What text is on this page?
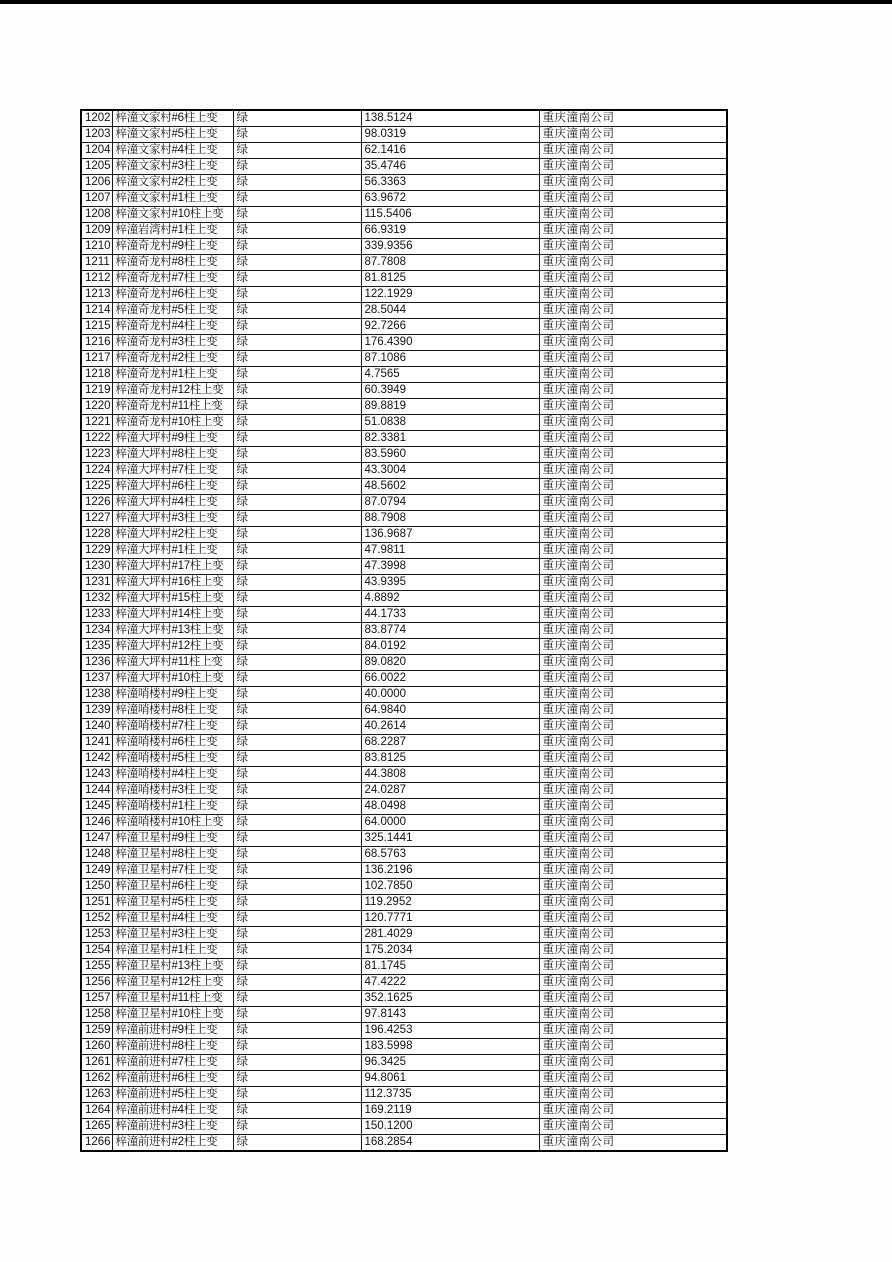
1202	梓潼文家村#6柱上变	绿	138.5124	重庆潼南公司
1203	梓潼文家村#5柱上变	绿	98.0319	重庆潼南公司
1204	梓潼文家村#4柱上变	绿	62.1416	重庆潼南公司
1205	梓潼文家村#3柱上变	绿	35.4746	重庆潼南公司
1206	梓潼文家村#2柱上变	绿	56.3363	重庆潼南公司
1207	梓潼文家村#1柱上变	绿	63.9672	重庆潼南公司
1208	梓潼文家村#10柱上变	绿	115.5406	重庆潼南公司
1209	梓潼岩湾村#1柱上变	绿	66.9319	重庆潼南公司
1210	梓潼奇龙村#9柱上变	绿	339.9356	重庆潼南公司
1211	梓潼奇龙村#8柱上变	绿	87.7808	重庆潼南公司
1212	梓潼奇龙村#7柱上变	绿	81.8125	重庆潼南公司
1213	梓潼奇龙村#6柱上变	绿	122.1929	重庆潼南公司
1214	梓潼奇龙村#5柱上变	绿	28.5044	重庆潼南公司
1215	梓潼奇龙村#4柱上变	绿	92.7266	重庆潼南公司
1216	梓潼奇龙村#3柱上变	绿	176.4390	重庆潼南公司
1217	梓潼奇龙村#2柱上变	绿	87.1086	重庆潼南公司
1218	梓潼奇龙村#1柱上变	绿	4.7565	重庆潼南公司
1219	梓潼奇龙村#12柱上变	绿	60.3949	重庆潼南公司
1220	梓潼奇龙村#11柱上变	绿	89.8819	重庆潼南公司
1221	梓潼奇龙村#10柱上变	绿	51.0838	重庆潼南公司
1222	梓潼大坪村#9柱上变	绿	82.3381	重庆潼南公司
1223	梓潼大坪村#8柱上变	绿	83.5960	重庆潼南公司
1224	梓潼大坪村#7柱上变	绿	43.3004	重庆潼南公司
1225	梓潼大坪村#6柱上变	绿	48.5602	重庆潼南公司
1226	梓潼大坪村#4柱上变	绿	87.0794	重庆潼南公司
1227	梓潼大坪村#3柱上变	绿	88.7908	重庆潼南公司
1228	梓潼大坪村#2柱上变	绿	136.9687	重庆潼南公司
1229	梓潼大坪村#1柱上变	绿	47.9811	重庆潼南公司
1230	梓潼大坪村#17柱上变	绿	47.3998	重庆潼南公司
1231	梓潼大坪村#16柱上变	绿	43.9395	重庆潼南公司
1232	梓潼大坪村#15柱上变	绿	4.8892	重庆潼南公司
1233	梓潼大坪村#14柱上变	绿	44.1733	重庆潼南公司
1234	梓潼大坪村#13柱上变	绿	83.8774	重庆潼南公司
1235	梓潼大坪村#12柱上变	绿	84.0192	重庆潼南公司
1236	梓潼大坪村#11柱上变	绿	89.0820	重庆潼南公司
1237	梓潼大坪村#10柱上变	绿	66.0022	重庆潼南公司
1238	梓潼哨楼村#9柱上变	绿	40.0000	重庆潼南公司
1239	梓潼哨楼村#8柱上变	绿	64.9840	重庆潼南公司
1240	梓潼哨楼村#7柱上变	绿	40.2614	重庆潼南公司
1241	梓潼哨楼村#6柱上变	绿	68.2287	重庆潼南公司
1242	梓潼哨楼村#5柱上变	绿	83.8125	重庆潼南公司
1243	梓潼哨楼村#4柱上变	绿	44.3808	重庆潼南公司
1244	梓潼哨楼村#3柱上变	绿	24.0287	重庆潼南公司
1245	梓潼哨楼村#1柱上变	绿	48.0498	重庆潼南公司
1246	梓潼哨楼村#10柱上变	绿	64.0000	重庆潼南公司
1247	梓潼卫星村#9柱上变	绿	325.1441	重庆潼南公司
1248	梓潼卫星村#8柱上变	绿	68.5763	重庆潼南公司
1249	梓潼卫星村#7柱上变	绿	136.2196	重庆潼南公司
1250	梓潼卫星村#6柱上变	绿	102.7850	重庆潼南公司
1251	梓潼卫星村#5柱上变	绿	119.2952	重庆潼南公司
1252	梓潼卫星村#4柱上变	绿	120.7771	重庆潼南公司
1253	梓潼卫星村#3柱上变	绿	281.4029	重庆潼南公司
1254	梓潼卫星村#1柱上变	绿	175.2034	重庆潼南公司
1255	梓潼卫星村#13柱上变	绿	81.1745	重庆潼南公司
1256	梓潼卫星村#12柱上变	绿	47.4222	重庆潼南公司
1257	梓潼卫星村#11柱上变	绿	352.1625	重庆潼南公司
1258	梓潼卫星村#10柱上变	绿	97.8143	重庆潼南公司
1259	梓潼前进村#9柱上变	绿	196.4253	重庆潼南公司
1260	梓潼前进村#8柱上变	绿	183.5998	重庆潼南公司
1261	梓潼前进村#7柱上变	绿	96.3425	重庆潼南公司
1262	梓潼前进村#6柱上变	绿	94.8061	重庆潼南公司
1263	梓潼前进村#5柱上变	绿	112.3735	重庆潼南公司
1264	梓潼前进村#4柱上变	绿	169.2119	重庆潼南公司
1265	梓潼前进村#3柱上变	绿	150.1200	重庆潼南公司
1266	梓潼前进村#2柱上变	绿	168.2854	重庆潼南公司
